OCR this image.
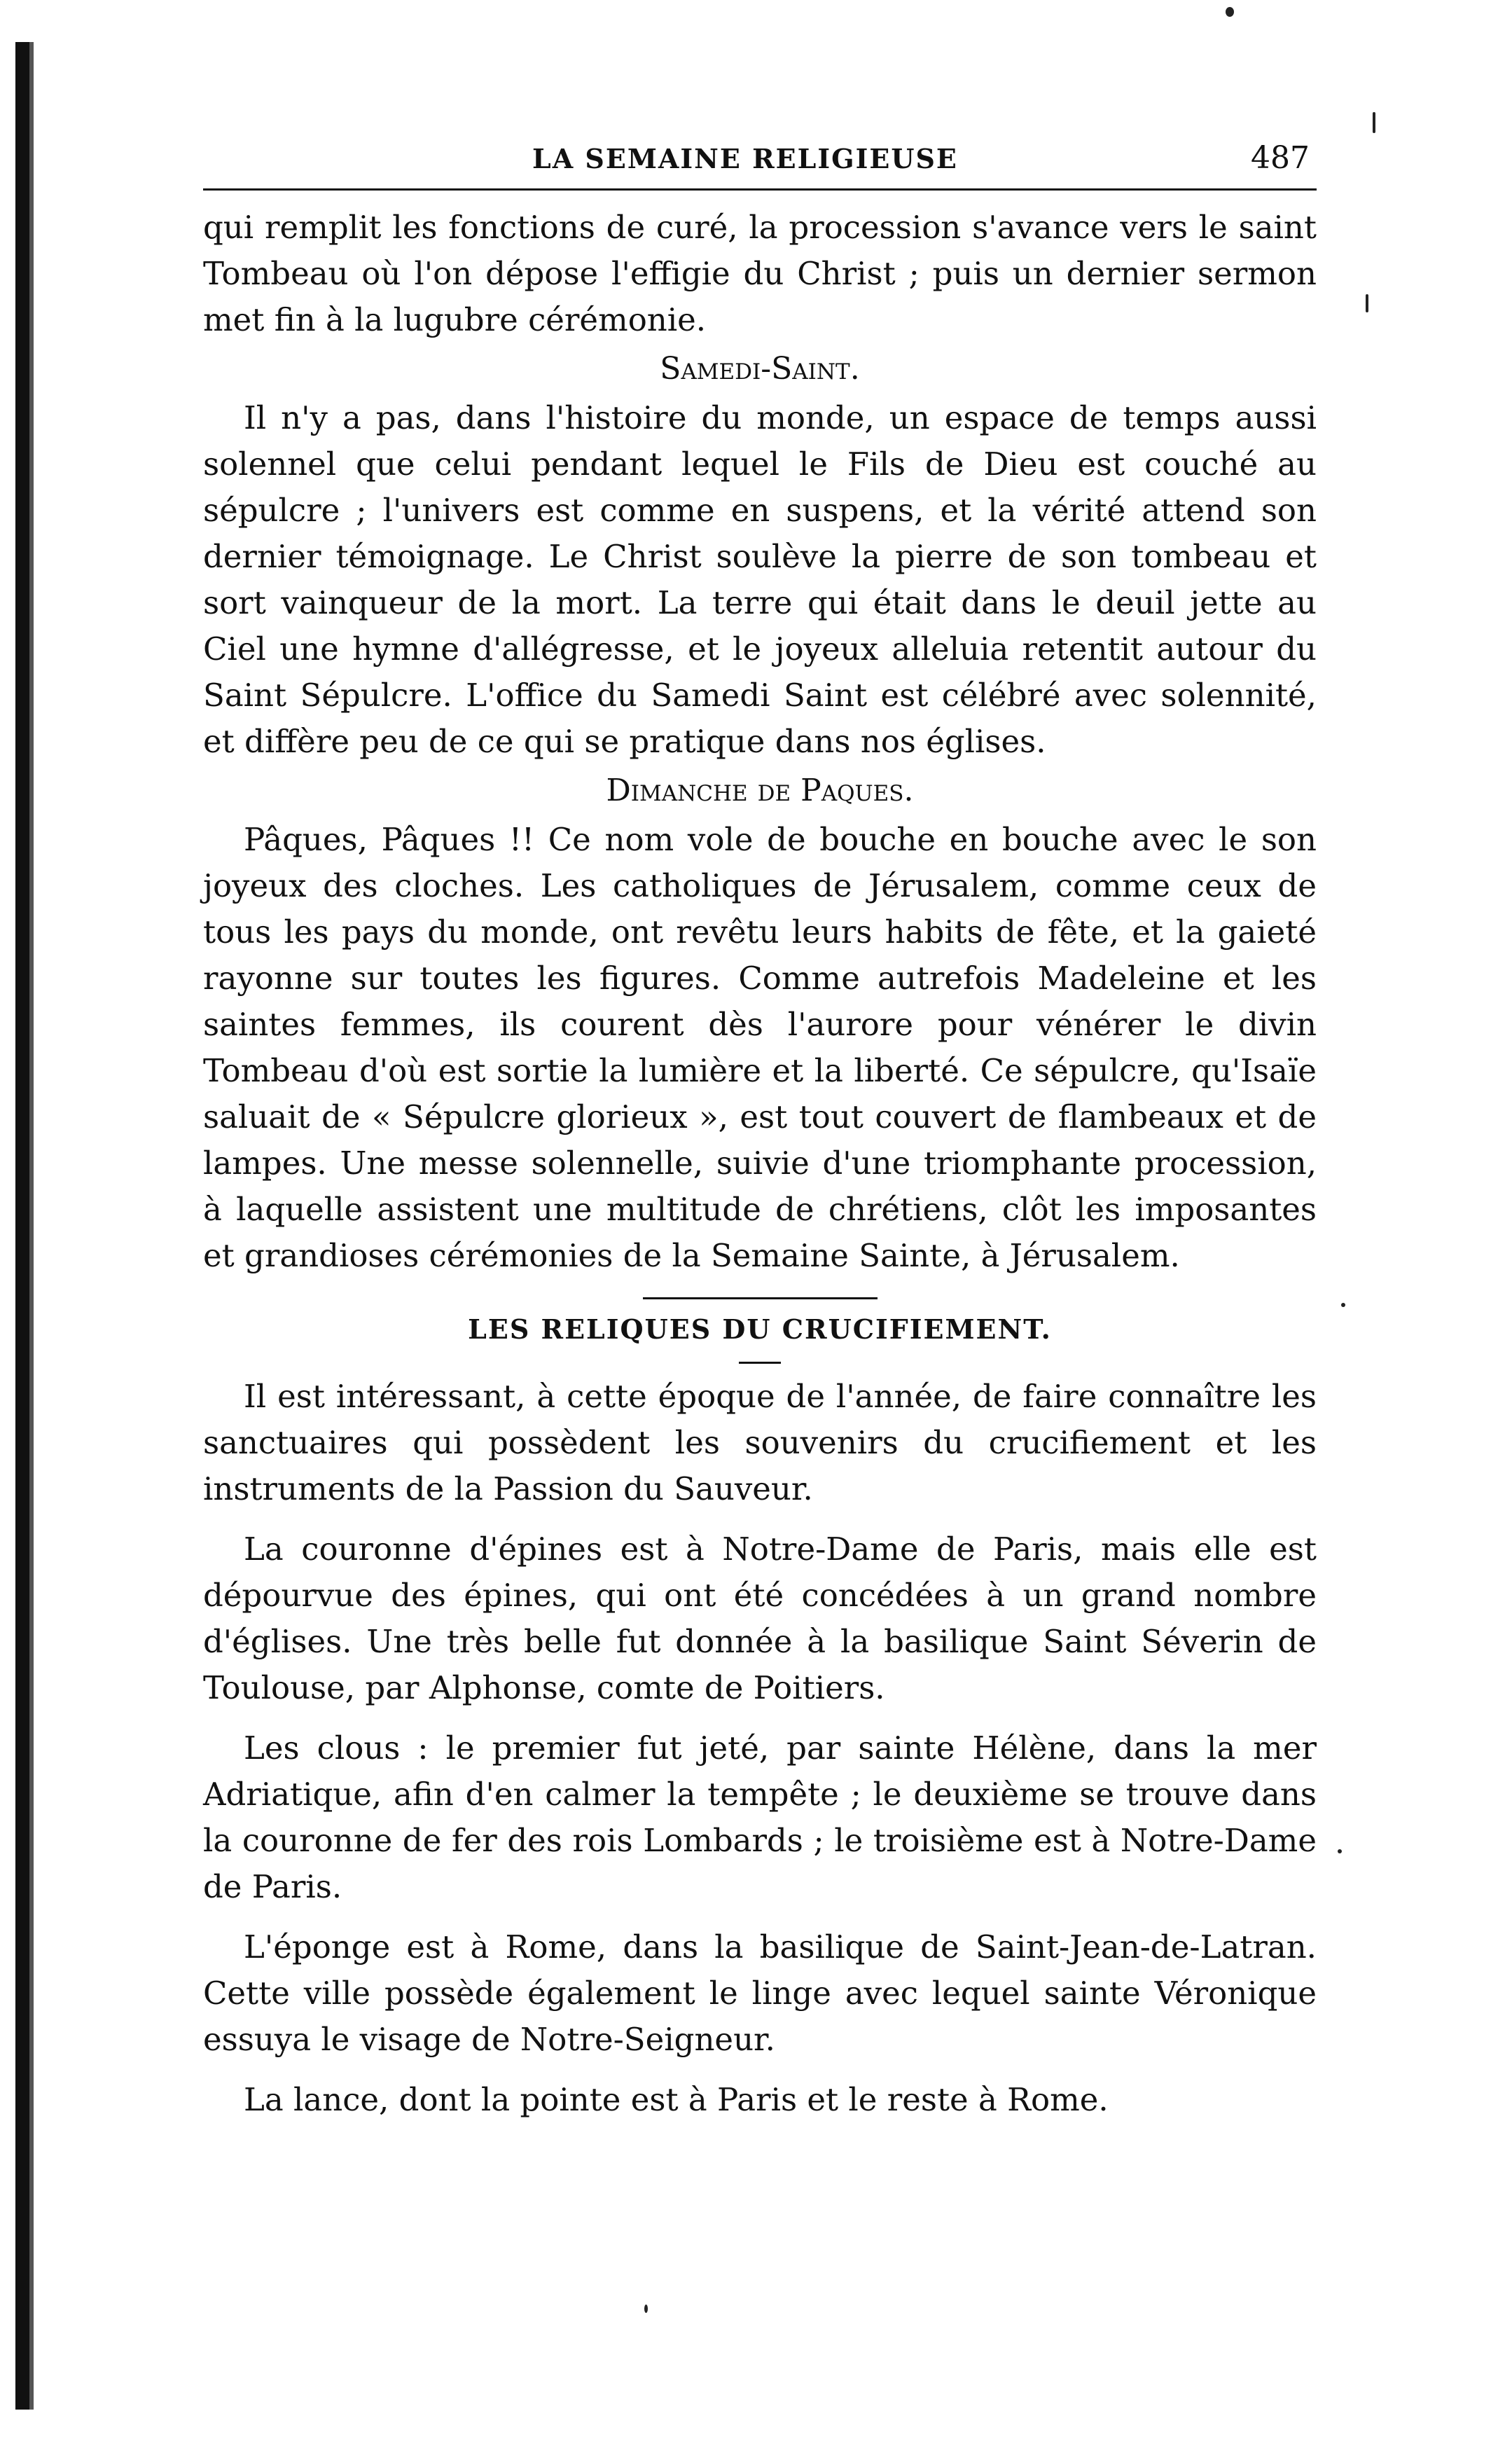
LA SEMAINE RELIGIEUSE	487

qui remplit les fonctions de curé, la procession s'avance vers le saint Tombeau où l'on dépose l'effigie du Christ ; puis un dernier sermon met fin à la lugubre cérémonie.

Samedi-Saint.

Il n'y a pas, dans l'histoire du monde, un espace de temps aussi solennel que celui pendant lequel le Fils de Dieu est couché au sépulcre ; l'univers est comme en suspens, et la vérité attend son dernier témoignage. Le Christ soulève la pierre de son tombeau et sort vainqueur de la mort. La terre qui était dans le deuil jette au Ciel une hymne d'allégresse, et le joyeux alleluia retentit autour du Saint Sépulcre. L'office du Samedi Saint est célébré avec solennité, et diffère peu de ce qui se pratique dans nos églises.

Dimanche de Paques.

Pâques, Pâques !! Ce nom vole de bouche en bouche avec le son joyeux des cloches. Les catholiques de Jérusalem, comme ceux de tous les pays du monde, ont revêtu leurs habits de fête, et la gaieté rayonne sur toutes les figures. Comme autrefois Madeleine et les saintes femmes, ils courent dès l'aurore pour vénérer le divin Tombeau d'où est sortie la lumière et la liberté. Ce sépulcre, qu'Isaïe saluait de « Sépulcre glorieux », est tout couvert de flambeaux et de lampes. Une messe solennelle, suivie d'une triomphante procession, à laquelle assistent une multitude de chrétiens, clôt les imposantes et grandioses cérémonies de la Semaine Sainte, à Jérusalem.

LES RELIQUES DU CRUCIFIEMENT.

Il est intéressant, à cette époque de l'année, de faire connaître les sanctuaires qui possèdent les souvenirs du crucifiement et les instruments de la Passion du Sauveur.

La couronne d'épines est à Notre-Dame de Paris, mais elle est dépourvue des épines, qui ont été concédées à un grand nombre d'églises. Une très belle fut donnée à la basilique Saint Séverin de Toulouse, par Alphonse, comte de Poitiers.

Les clous : le premier fut jeté, par sainte Hélène, dans la mer Adriatique, afin d'en calmer la tempête ; le deuxième se trouve dans la couronne de fer des rois Lombards ; le troisième est à Notre-Dame de Paris.

L'éponge est à Rome, dans la basilique de Saint-Jean-de-Latran. Cette ville possède également le linge avec lequel sainte Véronique essuya le visage de Notre-Seigneur.

La lance, dont la pointe est à Paris et le reste à Rome.
